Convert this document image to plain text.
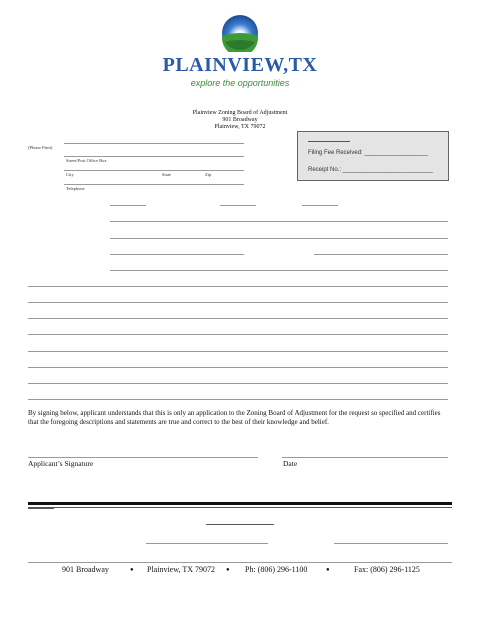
PLAINVIEW,TX
explore the opportunities
Plainview Zoning Board of Adjustment
901 Broadway
Plainview, TX 79072
(Please Print)
Street/Post Office Box
City	State	Zip
Telephone
Filing Fee Received: ___________________
Receipt No.: ___________________________
By signing below, applicant understands that this is only an application to the Zoning Board of Adjustment for the request so specified and certifies that the foregoing descriptions and statements are true and correct to the best of their knowledge and belief.
Applicant’s Signature	Date
901 Broadway	● Plainview, TX 79072 ● Ph: (806) 296-1100	●	Fax: (806) 296-1125
